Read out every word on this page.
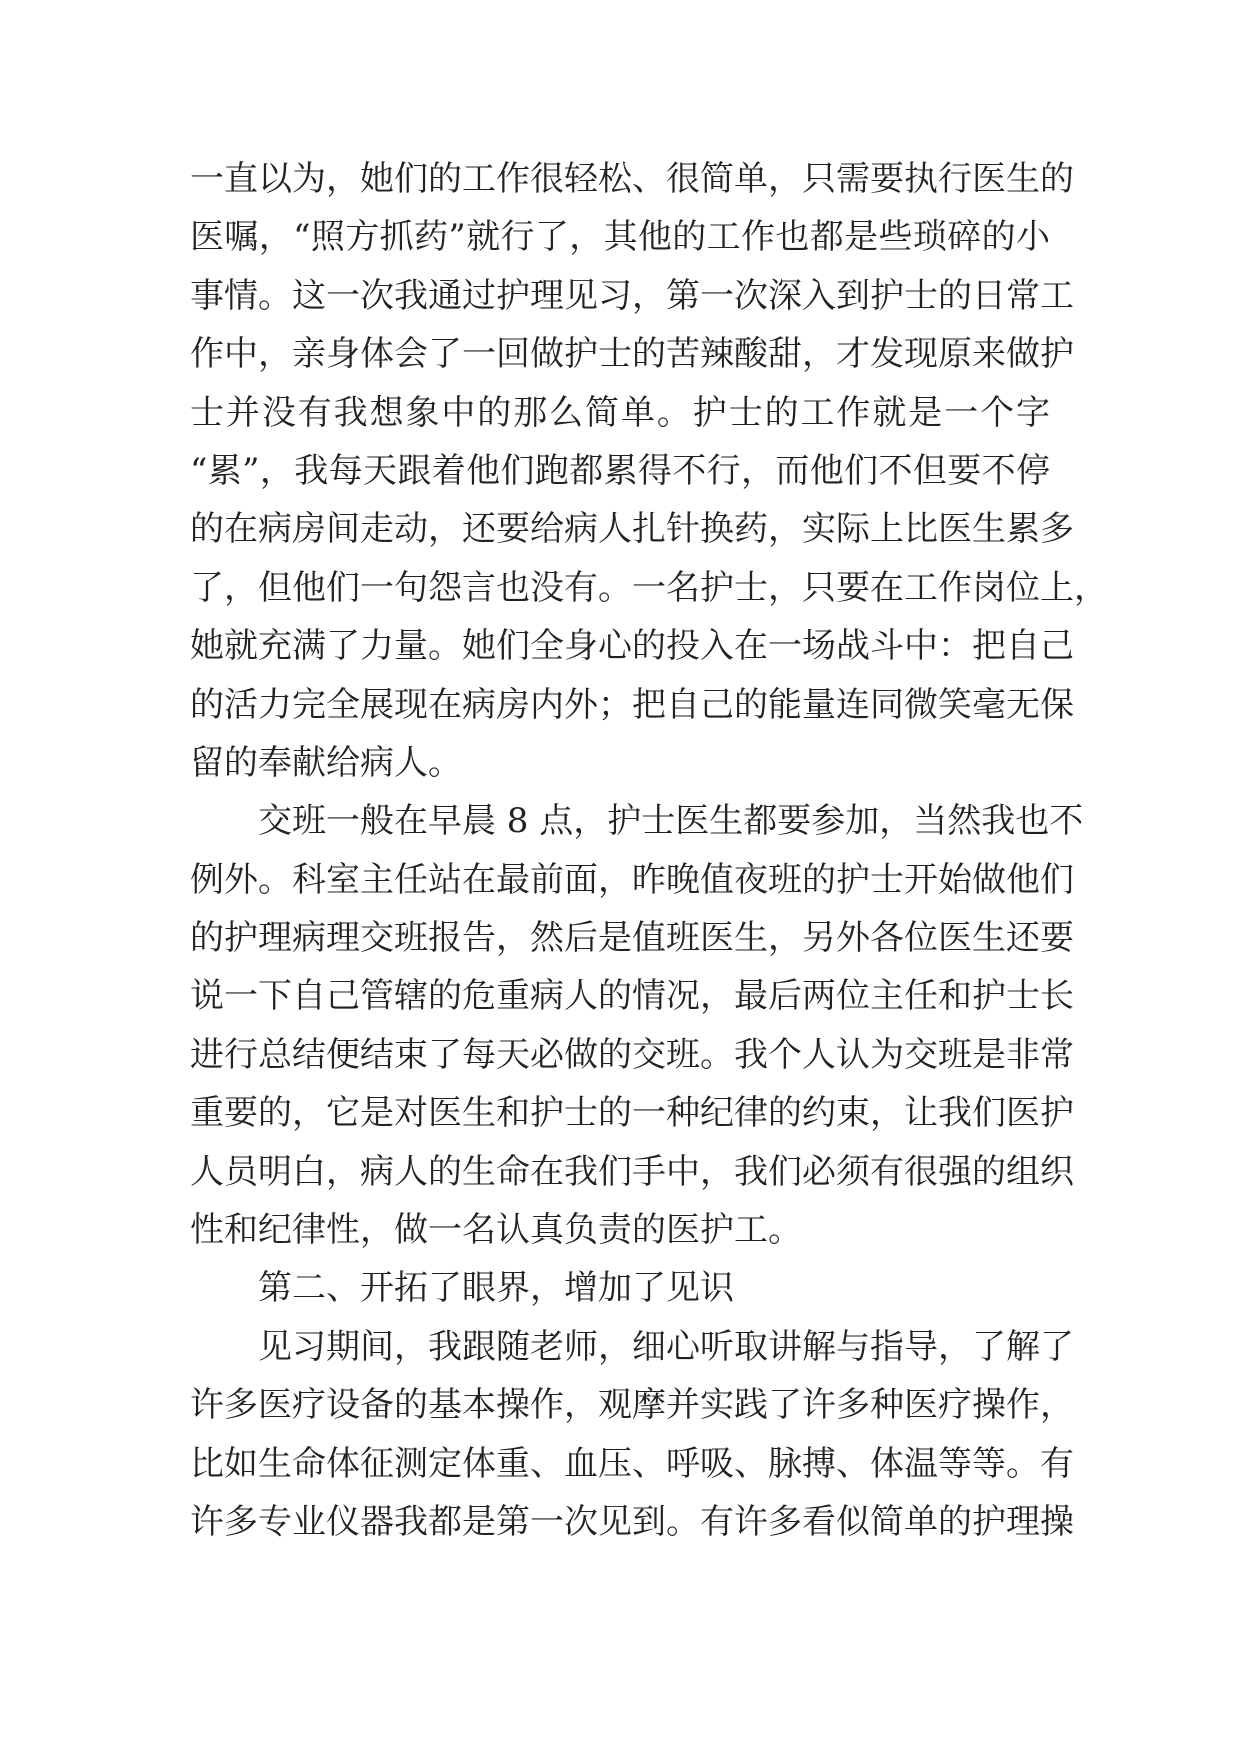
一直以为，她们的工作很轻松、很简单，只需要执行医生的
医嘱，“照方抓药”就行了，其他的工作也都是些琐碎的小
事情。这一次我通过护理见习，第一次深入到护士的日常工
作中，亲身体会了一回做护士的苦辣酸甜，才发现原来做护
士并没有我想象中的那么简单。护士的工作就是一个字
“累”，我每天跟着他们跑都累得不行，而他们不但要不停
的在病房间走动，还要给病人扎针换药，实际上比医生累多
了，但他们一句怨言也没有。一名护士，只要在工作岗位上，
她就充满了力量。她们全身心的投入在一场战斗中：把自己
的活力完全展现在病房内外；把自己的能量连同微笑毫无保
留的奉献给病人。
交班一般在早晨 8 点，护士医生都要参加，当然我也不
例外。科室主任站在最前面，昨晚值夜班的护士开始做他们
的护理病理交班报告，然后是值班医生，另外各位医生还要
说一下自己管辖的危重病人的情况，最后两位主任和护士长
进行总结便结束了每天必做的交班。我个人认为交班是非常
重要的，它是对医生和护士的一种纪律的约束，让我们医护
人员明白，病人的生命在我们手中，我们必须有很强的组织
性和纪律性，做一名认真负责的医护工。
第二、开拓了眼界，增加了见识
见习期间，我跟随老师，细心听取讲解与指导，了解了
许多医疗设备的基本操作，观摩并实践了许多种医疗操作，
比如生命体征测定体重、血压、呼吸、脉搏、体温等等。有
许多专业仪器我都是第一次见到。有许多看似简单的护理操
